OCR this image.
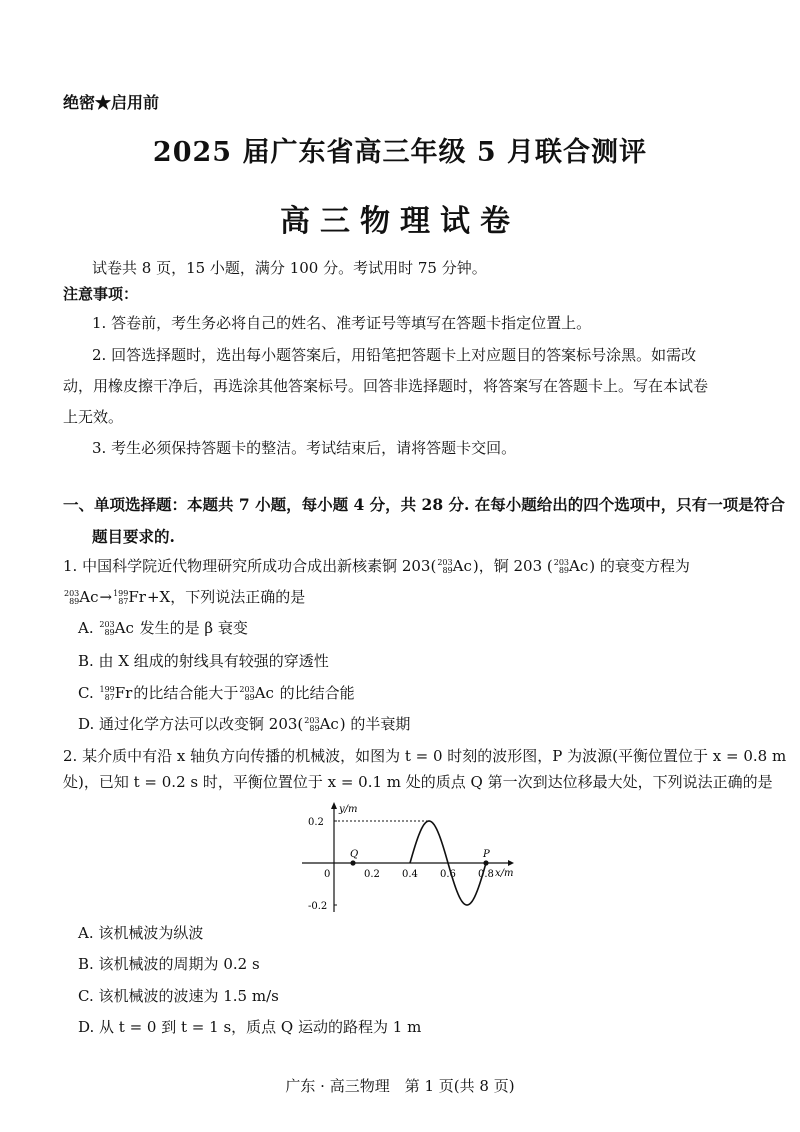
绝密★启用前
2025 届广东省高三年级 5 月联合测评
高三物理试卷
试卷共 8 页，15 小题，满分 100 分。考试用时 75 分钟。
注意事项：
1. 答卷前，考生务必将自己的姓名、准考证号等填写在答题卡指定位置上。
2. 回答选择题时，选出每小题答案后，用铅笔把答题卡上对应题目的答案标号涂黑。如需改
动，用橡皮擦干净后，再选涂其他答案标号。回答非选择题时，将答案写在答题卡上。写在本试卷
上无效。
3. 考生必须保持答题卡的整洁。考试结束后，请将答题卡交回。
一、单项选择题：本题共 7 小题，每小题 4 分，共 28 分. 在每小题给出的四个选项中，只有一项是符合
题目要求的.
1. 中国科学院近代物理研究所成功合成出新核素锕 203( 203
89 Ac)，锕 203 ( 203
89 Ac) 的衰变方程为
203
89 Ac→ 199
87 Fr+X，下列说法正确的是
A. 203
89 Ac 发生的是 β 衰变
B. 由 X 组成的射线具有较强的穿透性
C. 199
87 Fr的比结合能大于 203
89 Ac 的比结合能
D. 通过化学方法可以改变锕 203( 203
89 Ac) 的半衰期
2. 某介质中有沿 x 轴负方向传播的机械波，如图为 t = 0 时刻的波形图，P 为波源(平衡位置位于 x = 0.8 m
处)，已知 t = 0.2 s 时，平衡位置位于 x = 0.1 m 处的质点 Q 第一次到达位移最大处，下列说法正确的是
y/m
x/m
0	0.2 0.4 0.6 0.8
0.2
-0.2
Q	P
A. 该机械波为纵波
B. 该机械波的周期为 0.2 s
C. 该机械波的波速为 1.5 m/s
D. 从 t = 0 到 t = 1 s，质点 Q 运动的路程为 1 m
广东 · 高三物理　第 1 页(共 8 页)
